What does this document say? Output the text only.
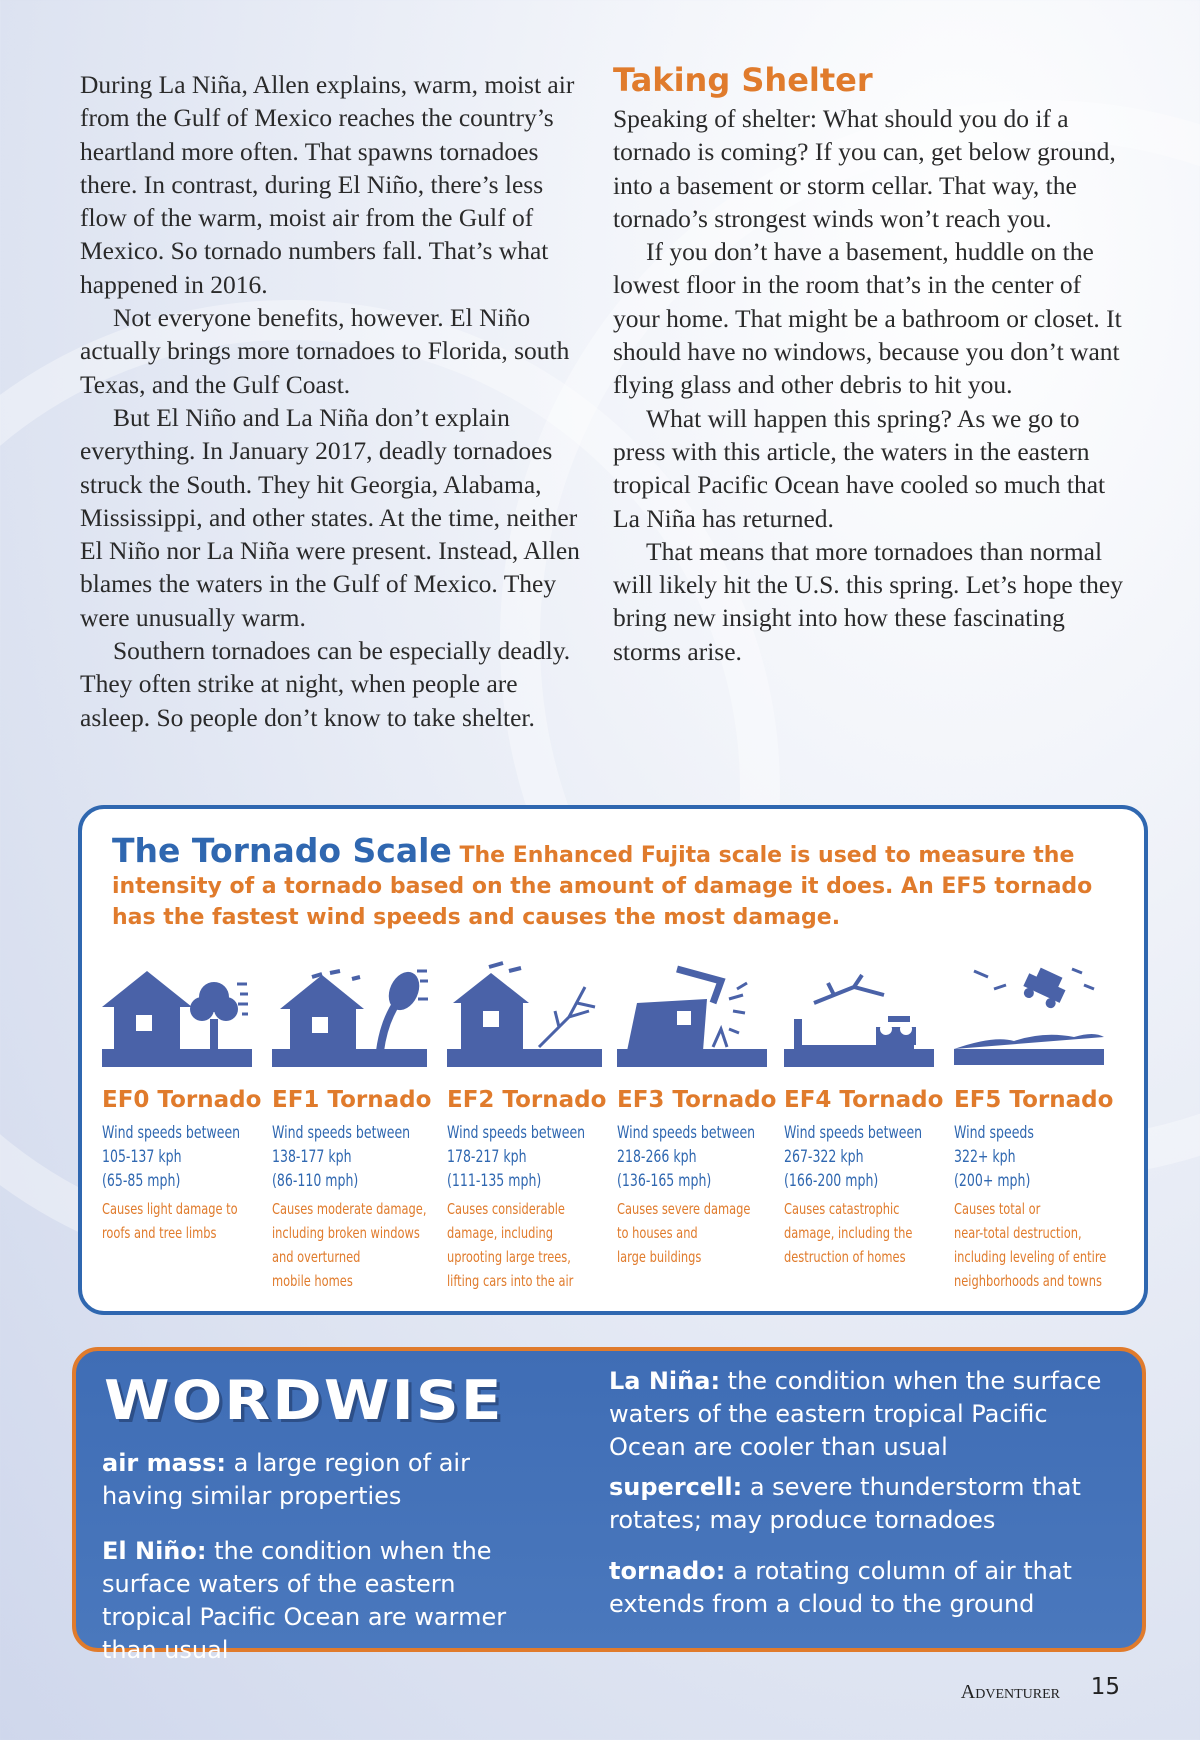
During La Niña, Allen explains, warm, moist air from the Gulf of Mexico reaches the country’s heartland more often. That spawns tornadoes there. In contrast, during El Niño, there’s less flow of the warm, moist air from the Gulf of Mexico. So tornado numbers fall. That’s what happened in 2016.

Not everyone benefits, however. El Niño actually brings more tornadoes to Florida, south Texas, and the Gulf Coast.

But El Niño and La Niña don’t explain everything. In January 2017, deadly tornadoes struck the South. They hit Georgia, Alabama, Mississippi, and other states. At the time, neither El Niño nor La Niña were present. Instead, Allen blames the waters in the Gulf of Mexico. They were unusually warm.

Southern tornadoes can be especially deadly. They often strike at night, when people are asleep. So people don’t know to take shelter.

Taking Shelter

Speaking of shelter: What should you do if a tornado is coming? If you can, get below ground, into a basement or storm cellar. That way, the tornado’s strongest winds won’t reach you.

If you don’t have a basement, huddle on the lowest floor in the room that’s in the center of your home. That might be a bathroom or closet. It should have no windows, because you don’t want flying glass and other debris to hit you.

What will happen this spring? As we go to press with this article, the waters in the eastern tropical Pacific Ocean have cooled so much that La Niña has returned.

That means that more tornadoes than normal will likely hit the U.S. this spring. Let’s hope they bring new insight into how these fascinating storms arise.

The Tornado Scale The Enhanced Fujita scale is used to measure the intensity of a tornado based on the amount of damage it does. An EF5 tornado has the fastest wind speeds and causes the most damage.

EF0 Tornado
Wind speeds between
105-137 kph
(65-85 mph)
Causes light damage to
roofs and tree limbs
EF1 Tornado
Wind speeds between
138-177 kph
(86-110 mph)
Causes moderate damage,
including broken windows
and overturned
mobile homes
EF2 Tornado
Wind speeds between
178-217 kph
(111-135 mph)
Causes considerable
damage, including
uprooting large trees,
lifting cars into the air
EF3 Tornado
Wind speeds between
218-266 kph
(136-165 mph)
Causes severe damage
to houses and
large buildings
EF4 Tornado
Wind speeds between
267-322 kph
(166-200 mph)
Causes catastrophic
damage, including the
destruction of homes
EF5 Tornado
Wind speeds
322+ kph
(200+ mph)
Causes total or
near-total destruction,
including leveling of entire
neighborhoods and towns
WORDWISE

air mass: a large region of air having similar properties

El Niño: the condition when the surface waters of the eastern tropical Pacific Ocean are warmer than usual

La Niña: the condition when the surface waters of the eastern tropical Pacific Ocean are cooler than usual

supercell: a severe thunderstorm that rotates; may produce tornadoes

tornado: a rotating column of air that extends from a cloud to the ground

Adventurer 15
